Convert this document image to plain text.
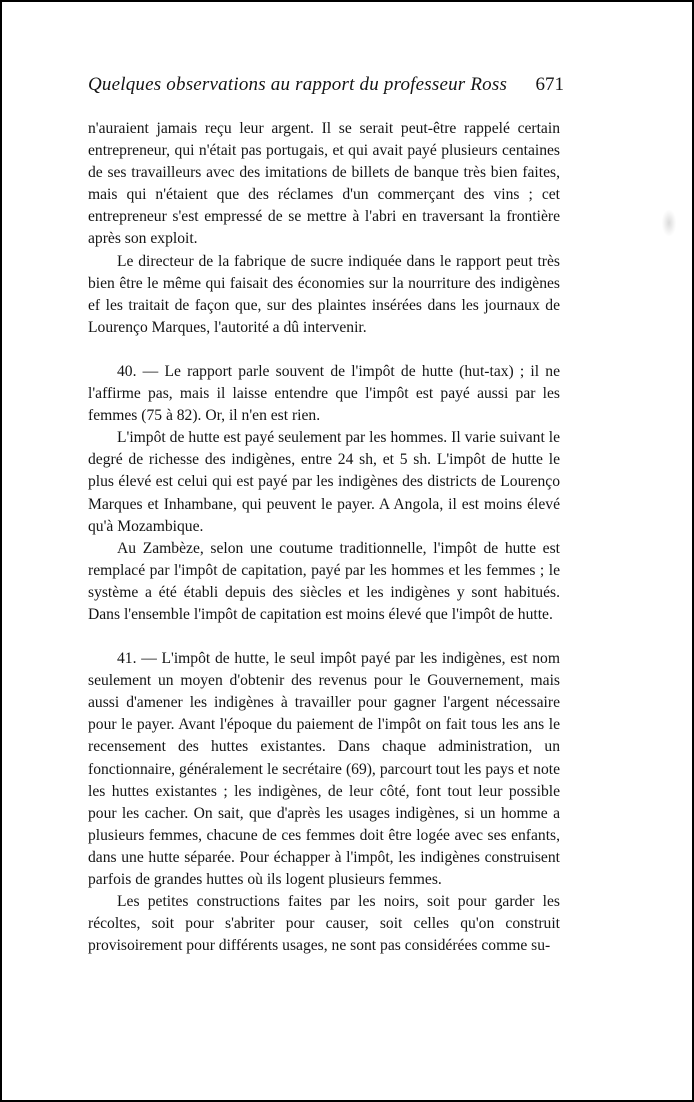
Quelques observations au rapport du professeur Ross	671

n'auraient jamais reçu leur argent. Il se serait peut-être rappelé certain entrepreneur, qui n'était pas portugais, et qui avait payé plusieurs centaines de ses travailleurs avec des imitations de billets de banque très bien faites, mais qui n'étaient que des réclames d'un commerçant des vins ; cet entrepreneur s'est empressé de se mettre à l'abri en traversant la frontière après son exploit.

Le directeur de la fabrique de sucre indiquée dans le rapport peut très bien être le même qui faisait des économies sur la nourriture des indigènes ef les traitait de façon que, sur des plaintes insérées dans les journaux de Lourenço Marques, l'autorité a dû intervenir.

40. — Le rapport parle souvent de l'impôt de hutte (hut-tax) ; il ne l'affirme pas, mais il laisse entendre que l'impôt est payé aussi par les femmes (75 à 82). Or, il n'en est rien.

L'impôt de hutte est payé seulement par les hommes. Il varie suivant le degré de richesse des indigènes, entre 24 sh, et 5 sh. L'impôt de hutte le plus élevé est celui qui est payé par les indigènes des districts de Lourenço Marques et Inhambane, qui peuvent le payer. A Angola, il est moins élevé qu'à Mozambique.

Au Zambèze, selon une coutume traditionnelle, l'impôt de hutte est remplacé par l'impôt de capitation, payé par les hommes et les femmes ; le système a été établi depuis des siècles et les indigènes y sont habitués. Dans l'ensemble l'impôt de capitation est moins élevé que l'impôt de hutte.

41. — L'impôt de hutte, le seul impôt payé par les indigènes, est nom seulement un moyen d'obtenir des revenus pour le Gouvernement, mais aussi d'amener les indigènes à travailler pour gagner l'argent nécessaire pour le payer. Avant l'époque du paiement de l'impôt on fait tous les ans le recensement des huttes existantes. Dans chaque administration, un fonctionnaire, généralement le secrétaire (69), parcourt tout les pays et note les huttes existantes ; les indigènes, de leur côté, font tout leur possible pour les cacher. On sait, que d'après les usages indigènes, si un homme a plusieurs femmes, chacune de ces femmes doit être logée avec ses enfants, dans une hutte séparée. Pour échapper à l'impôt, les indigènes construisent parfois de grandes huttes où ils logent plusieurs femmes.

Les petites constructions faites par les noirs, soit pour garder les récoltes, soit pour s'abriter pour causer, soit celles qu'on construit provisoirement pour différents usages, ne sont pas considérées comme su-
